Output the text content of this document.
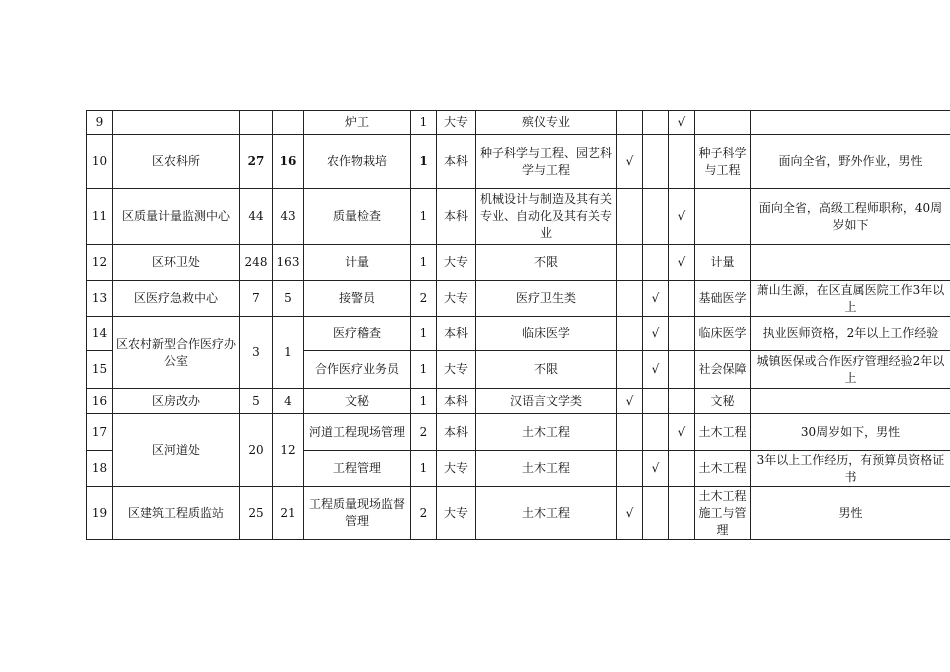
9				炉工	1	大专	殡仪专业			√		
10	区农科所	27	16	农作物栽培	1	本科	种子科学与工程、园艺科学与工程	√			种子科学与工程	面向全省，野外作业，男性
11	区质量计量监测中心	44	43	质量检查	1	本科	机械设计与制造及其有关专业、自动化及其有关专业			√		面向全省，高级工程师职称，40周岁如下
12	区环卫处	248	163	计量	1	大专	不限			√	计量	
13	区医疗急救中心	7	5	接警员	2	大专	医疗卫生类		√		基础医学	萧山生源，在区直属医院工作3年以上
14	区农村新型合作医疗办公室	3	1	医疗稽查	1	本科	临床医学		√		临床医学	执业医师资格，2年以上工作经验
15				合作医疗业务员	1	大专	不限		√		社会保障	城镇医保或合作医疗管理经验2年以上
16	区房改办	5	4	文秘	1	本科	汉语言文学类	√			文秘	
17	区河道处	20	12	河道工程现场管理	2	本科	土木工程			√	土木工程	30周岁如下，男性
18				工程管理	1	大专	土木工程		√		土木工程	3年以上工作经历，有预算员资格证书
19	区建筑工程质监站	25	21	工程质量现场监督管理	2	大专	土木工程	√			土木工程施工与管理	男性
